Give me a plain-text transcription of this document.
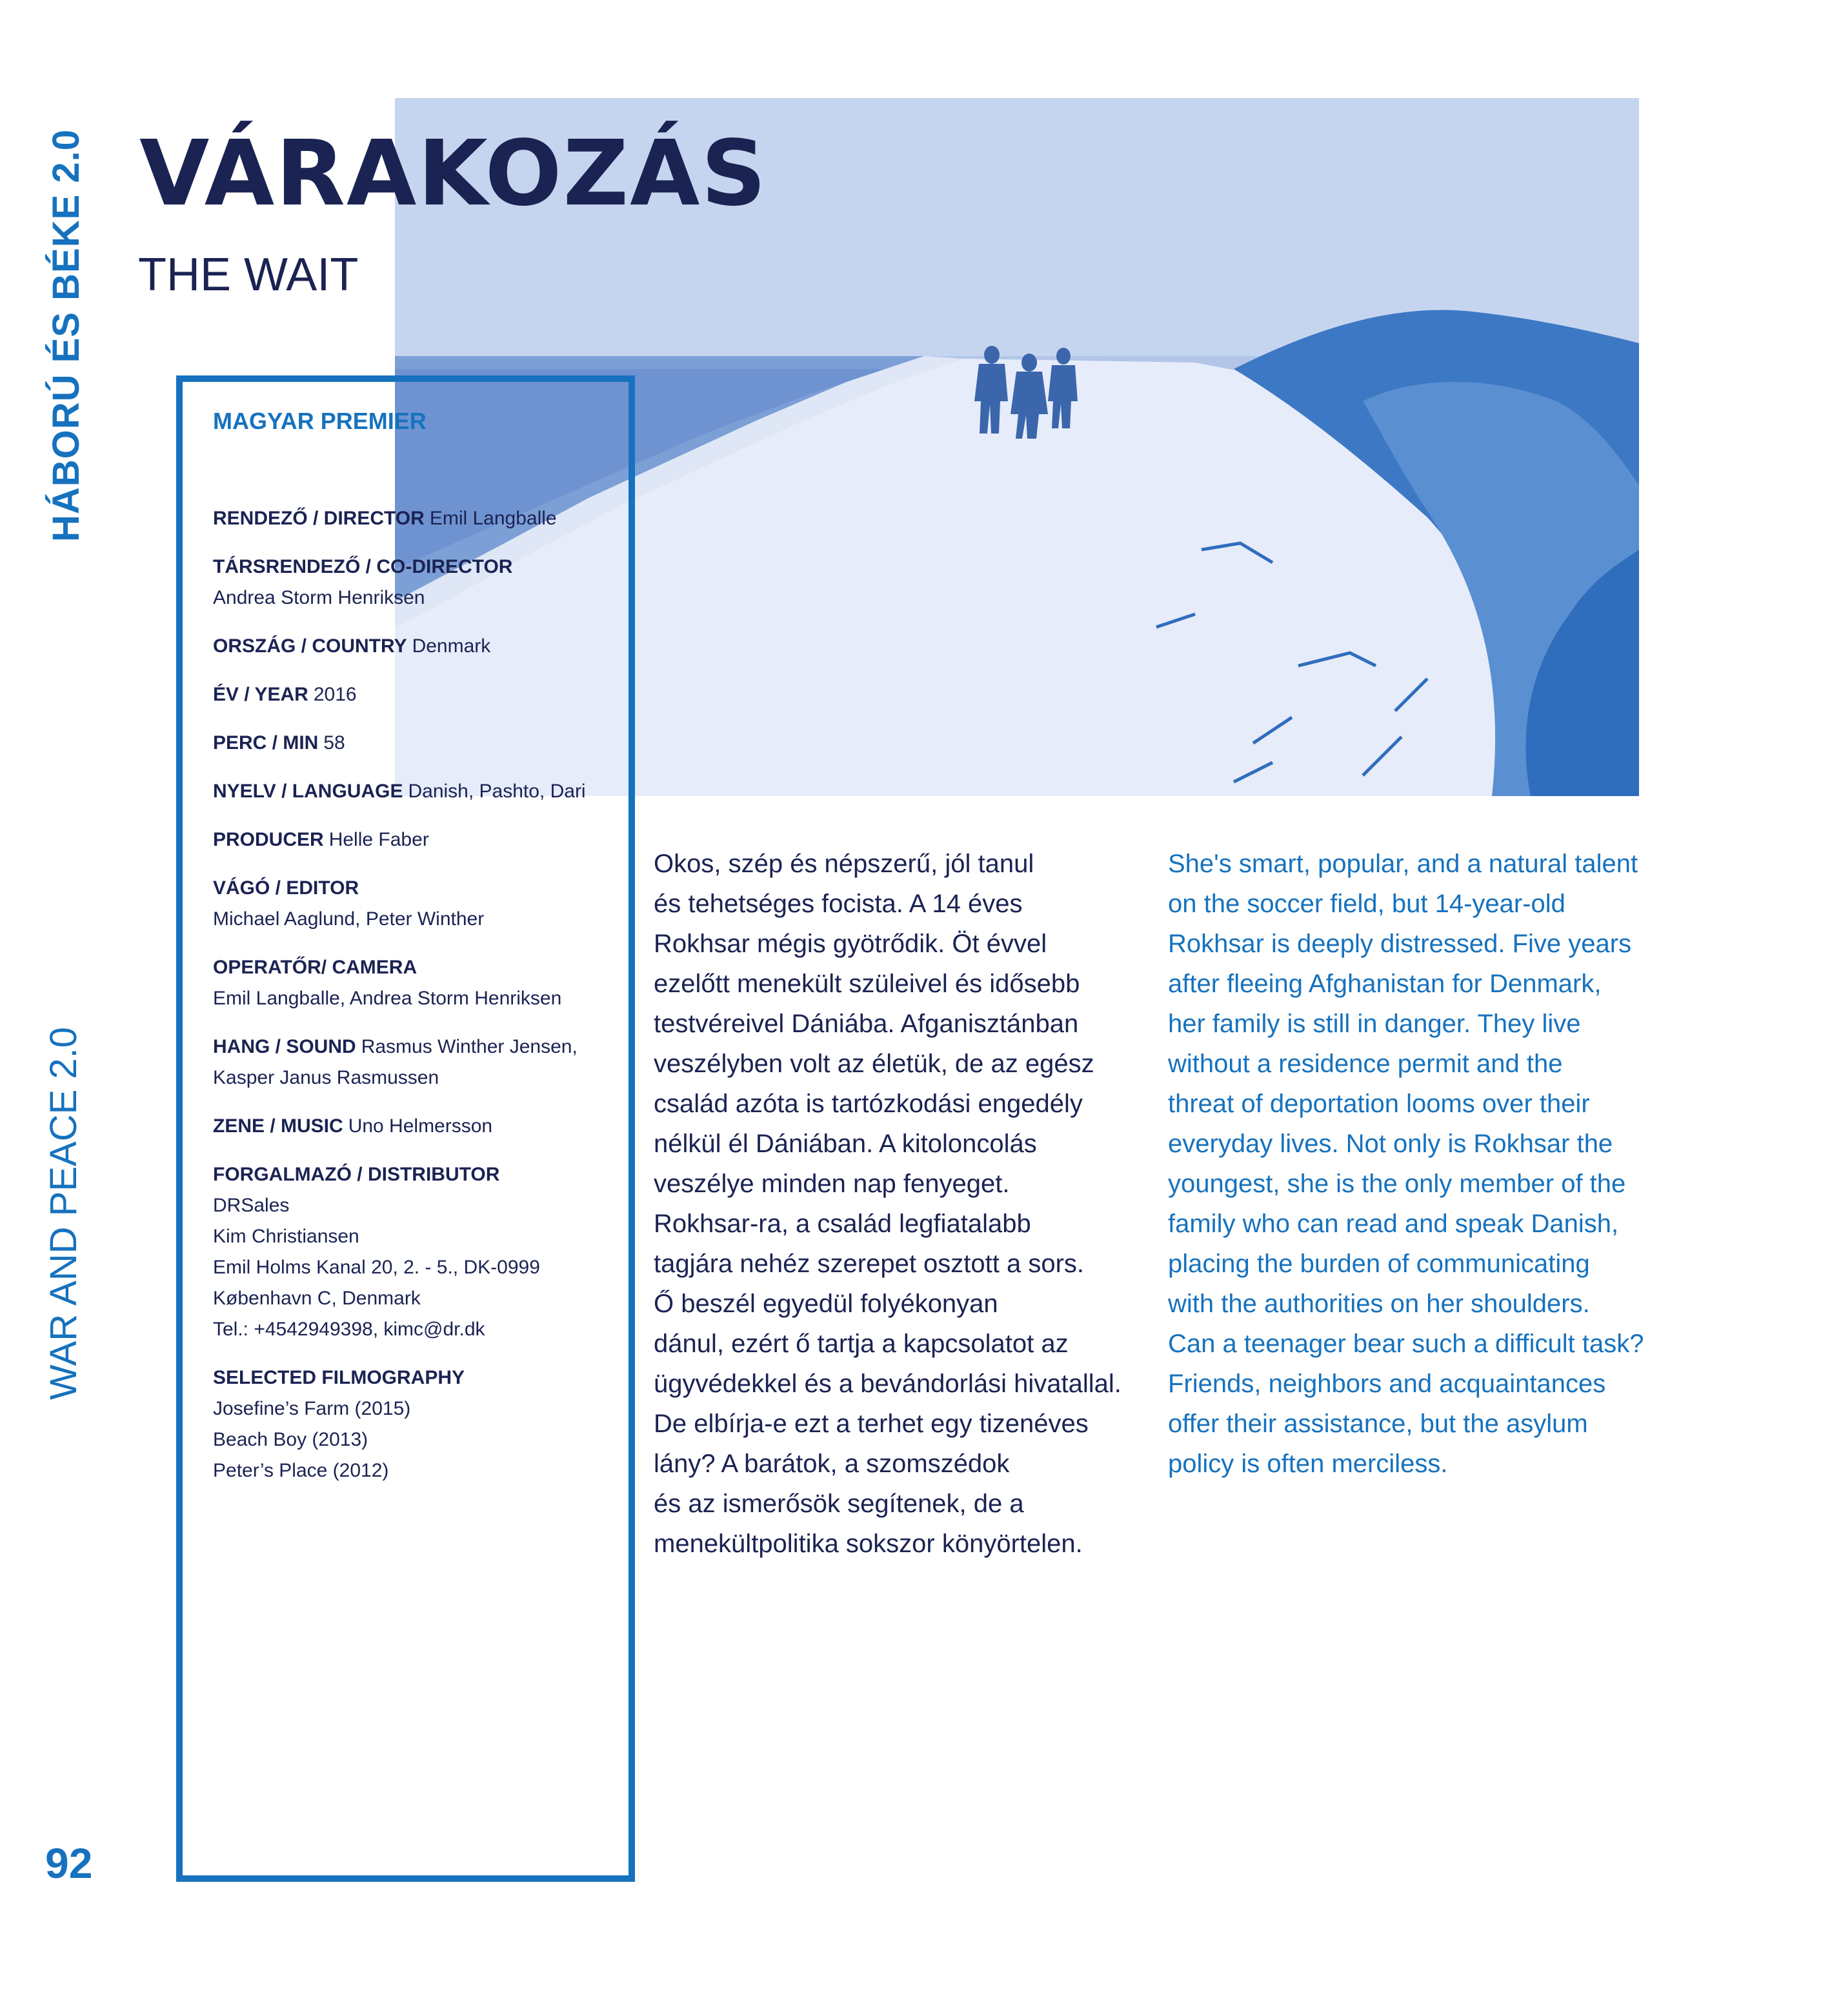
HÁBORÚ ÉS BÉKE 2.0
WAR AND PEACE 2.0
VÁRAKOZÁS
THE WAIT
MAGYAR PREMIER
RENDEZŐ / DIRECTOR Emil Langballe
TÁRSRENDEZŐ / CO-DIRECTOR
Andrea Storm Henriksen
ORSZÁG / COUNTRY Denmark
ÉV / YEAR 2016
PERC / MIN 58
NYELV / LANGUAGE Danish, Pashto, Dari
PRODUCER Helle Faber
VÁGÓ / EDITOR
Michael Aaglund, Peter Winther
OPERATŐR/ CAMERA
Emil Langballe, Andrea Storm Henriksen
HANG / SOUND Rasmus Winther Jensen,
Kasper Janus Rasmussen
ZENE / MUSIC Uno Helmersson
FORGALMAZÓ / DISTRIBUTOR
DRSales
Kim Christiansen
Emil Holms Kanal 20, 2. - 5., DK-0999
København C, Denmark
Tel.: +4542949398, kimc@dr.dk
SELECTED FILMOGRAPHY
Josefine’s Farm (2015)
Beach Boy (2013)
Peter’s Place (2012)
Okos, szép és népszerű, jól tanul
és tehetséges focista. A 14 éves
Rokhsar mégis gyötrődik. Öt évvel
ezelőtt menekült szüleivel és idősebb
testvéreivel Dániába. Afganisztánban
veszélyben volt az életük, de az egész
család azóta is tartózkodási engedély
nélkül él Dániában. A kitoloncolás
veszélye minden nap fenyeget.
Rokhsar-ra, a család legfiatalabb
tagjára nehéz szerepet osztott a sors.
Ő beszél egyedül folyékonyan
dánul, ezért ő tartja a kapcsolatot az
ügyvédekkel és a bevándorlási hivatallal.
De elbírja-e ezt a terhet egy tizenéves
lány? A barátok, a szomszédok
és az ismerősök segítenek, de a
menekültpolitika sokszor könyörtelen.
She's smart, popular, and a natural talent
on the soccer field, but 14-year-old
Rokhsar is deeply distressed. Five years
after fleeing Afghanistan for Denmark,
her family is still in danger. They live
without a residence permit and the
threat of deportation looms over their
everyday lives. Not only is Rokhsar the
youngest, she is the only member of the
family who can read and speak Danish,
placing the burden of communicating
with the authorities on her shoulders.
Can a teenager bear such a difficult task?
Friends, neighbors and acquaintances
offer their assistance, but the asylum
policy is often merciless.
92
